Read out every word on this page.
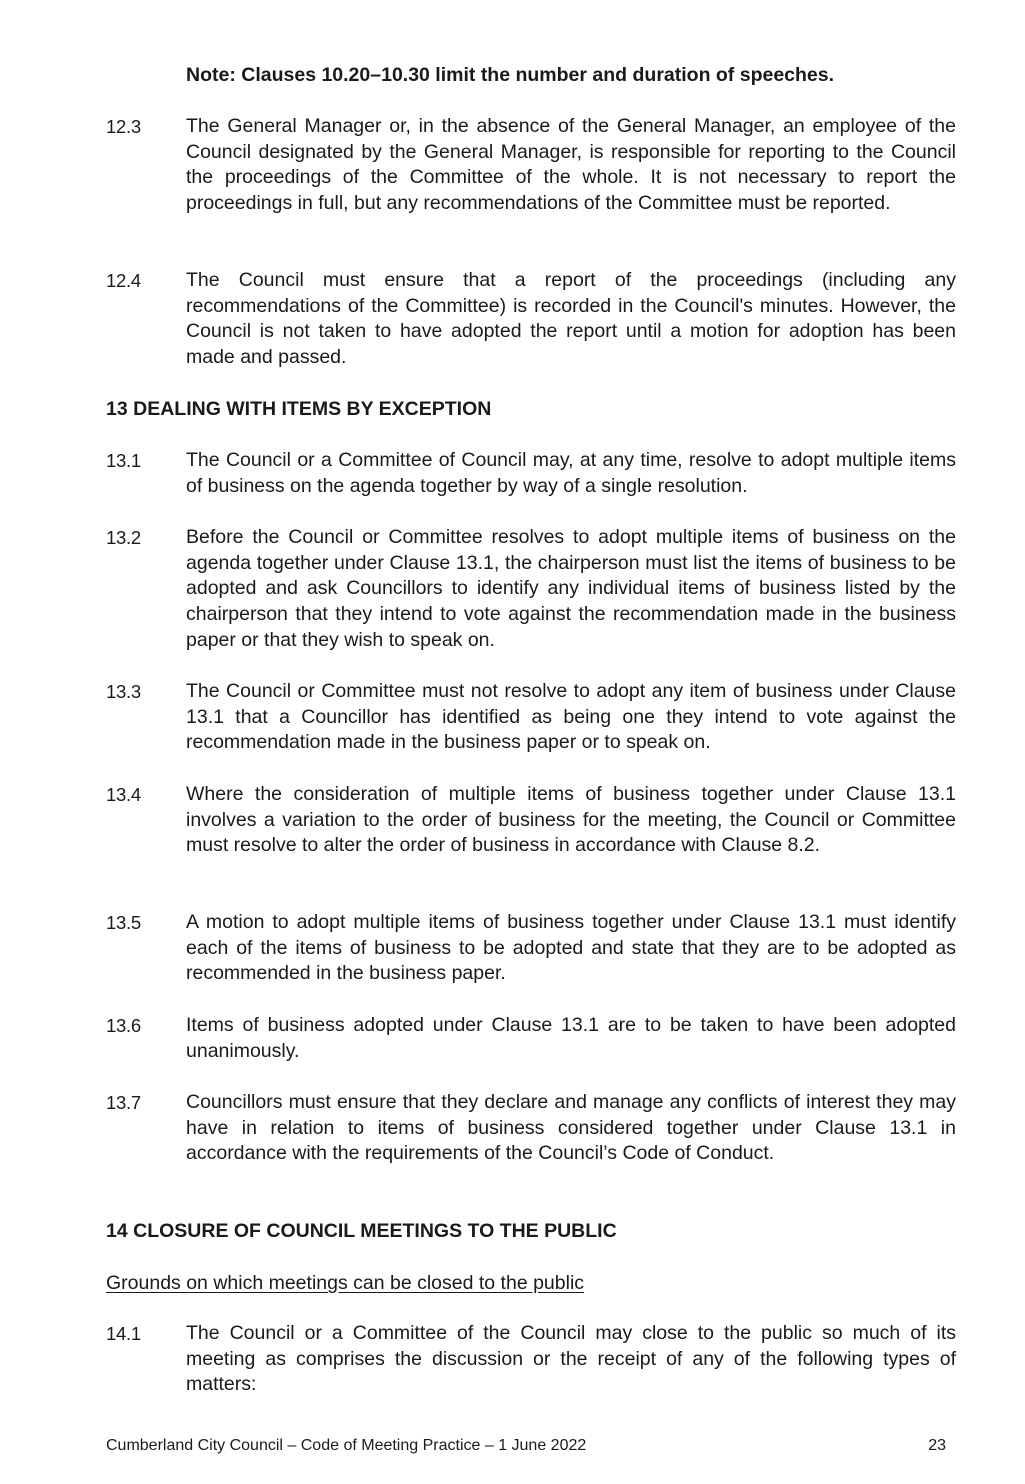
Note: Clauses 10.20–10.30 limit the number and duration of speeches.
12.3	The General Manager or, in the absence of the General Manager, an employee of the Council designated by the General Manager, is responsible for reporting to the Council the proceedings of the Committee of the whole. It is not necessary to report the proceedings in full, but any recommendations of the Committee must be reported.
12.4	The Council must ensure that a report of the proceedings (including any recommendations of the Committee) is recorded in the Council's minutes. However, the Council is not taken to have adopted the report until a motion for adoption has been made and passed.
13 DEALING WITH ITEMS BY EXCEPTION
13.1	The Council or a Committee of Council may, at any time, resolve to adopt multiple items of business on the agenda together by way of a single resolution.
13.2	Before the Council or Committee resolves to adopt multiple items of business on the agenda together under Clause 13.1, the chairperson must list the items of business to be adopted and ask Councillors to identify any individual items of business listed by the chairperson that they intend to vote against the recommendation made in the business paper or that they wish to speak on.
13.3	The Council or Committee must not resolve to adopt any item of business under Clause 13.1 that a Councillor has identified as being one they intend to vote against the recommendation made in the business paper or to speak on.
13.4	Where the consideration of multiple items of business together under Clause 13.1 involves a variation to the order of business for the meeting, the Council or Committee must resolve to alter the order of business in accordance with Clause 8.2.
13.5	A motion to adopt multiple items of business together under Clause 13.1 must identify each of the items of business to be adopted and state that they are to be adopted as recommended in the business paper.
13.6	Items of business adopted under Clause 13.1 are to be taken to have been adopted unanimously.
13.7	Councillors must ensure that they declare and manage any conflicts of interest they may have in relation to items of business considered together under Clause 13.1 in accordance with the requirements of the Council’s Code of Conduct.
14 CLOSURE OF COUNCIL MEETINGS TO THE PUBLIC
Grounds on which meetings can be closed to the public
14.1	The Council or a Committee of the Council may close to the public so much of its meeting as comprises the discussion or the receipt of any of the following types of matters:
Cumberland City Council – Code of Meeting Practice – 1 June 2022	23
